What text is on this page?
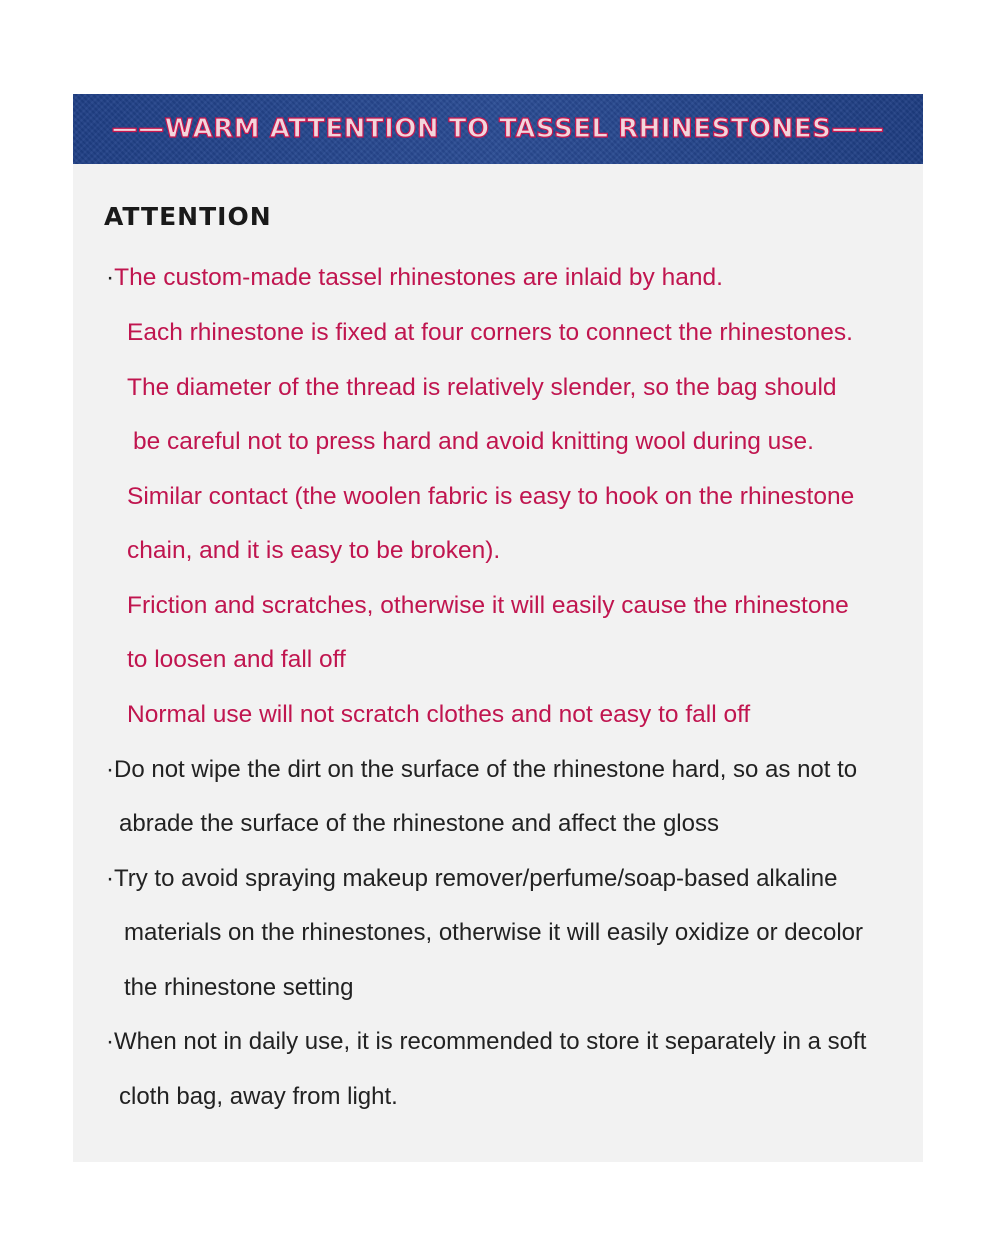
——WARM ATTENTION TO TASSEL RHINESTONES——
ATTENTION
·The custom-made tassel rhinestones are inlaid by hand.
Each rhinestone is fixed at four corners to connect the rhinestones.
The diameter of the thread is relatively slender, so the bag should
be careful not to press hard and avoid knitting wool during use.
Similar contact (the woolen fabric is easy to hook on the rhinestone
chain, and it is easy to be broken).
Friction and scratches, otherwise it will easily cause the rhinestone
to loosen and fall off
Normal use will not scratch clothes and not easy to fall off
·Do not wipe the dirt on the surface of the rhinestone hard, so as not to
abrade the surface of the rhinestone and affect the gloss
·Try to avoid spraying makeup remover/perfume/soap-based alkaline
materials on the rhinestones, otherwise it will easily oxidize or decolor
the rhinestone setting
·When not in daily use, it is recommended to store it separately in a soft
cloth bag, away from light.
